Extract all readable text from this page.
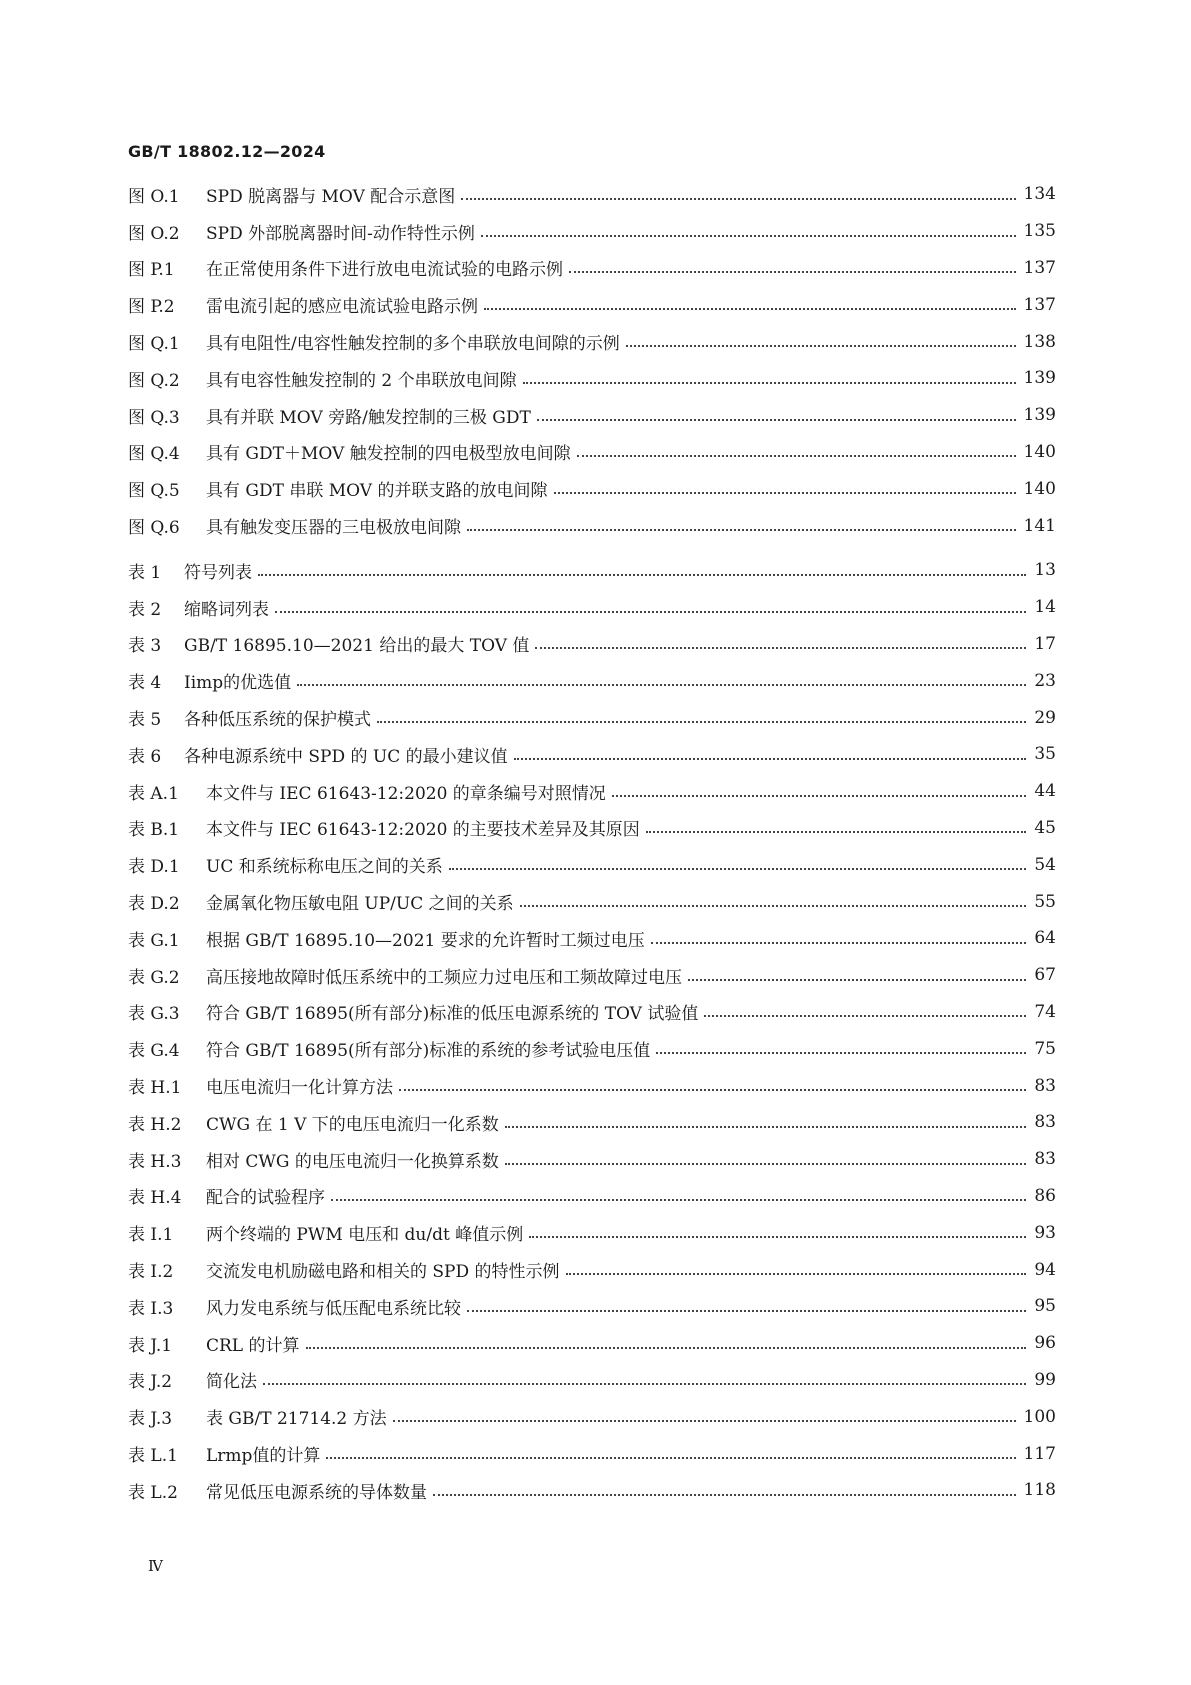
GB/T 18802.12—2024
图 O.1	SPD 脱离器与 MOV 配合示意图	134
图 O.2	SPD 外部脱离器时间-动作特性示例	135
图 P.1	在正常使用条件下进行放电电流试验的电路示例	137
图 P.2	雷电流引起的感应电流试验电路示例	137
图 Q.1	具有电阻性/电容性触发控制的多个串联放电间隙的示例	138
图 Q.2	具有电容性触发控制的 2 个串联放电间隙	139
图 Q.3	具有并联 MOV 旁路/触发控制的三极 GDT	139
图 Q.4	具有 GDT＋MOV 触发控制的四电极型放电间隙	140
图 Q.5	具有 GDT 串联 MOV 的并联支路的放电间隙	140
图 Q.6	具有触发变压器的三电极放电间隙	141
表 1	符号列表	13
表 2	缩略词列表	14
表 3	GB/T 16895.10—2021 给出的最大 TOV 值	17
表 4	Iimp的优选值	23
表 5	各种低压系统的保护模式	29
表 6	各种电源系统中 SPD 的 UC 的最小建议值	35
表 A.1	本文件与 IEC 61643-12:2020 的章条编号对照情况	44
表 B.1	本文件与 IEC 61643-12:2020 的主要技术差异及其原因	45
表 D.1	UC 和系统标称电压之间的关系	54
表 D.2	金属氧化物压敏电阻 UP/UC 之间的关系	55
表 G.1	根据 GB/T 16895.10—2021 要求的允许暂时工频过电压	64
表 G.2	高压接地故障时低压系统中的工频应力过电压和工频故障过电压	67
表 G.3	符合 GB/T 16895(所有部分)标准的低压电源系统的 TOV 试验值	74
表 G.4	符合 GB/T 16895(所有部分)标准的系统的参考试验电压值	75
表 H.1	电压电流归一化计算方法	83
表 H.2	CWG 在 1 V 下的电压电流归一化系数	83
表 H.3	相对 CWG 的电压电流归一化换算系数	83
表 H.4	配合的试验程序	86
表 I.1	两个终端的 PWM 电压和 du/dt 峰值示例	93
表 I.2	交流发电机励磁电路和相关的 SPD 的特性示例	94
表 I.3	风力发电系统与低压配电系统比较	95
表 J.1	CRL 的计算	96
表 J.2	简化法	99
表 J.3	表 GB/T 21714.2 方法	100
表 L.1	Lrmp值的计算	117
表 L.2	常见低压电源系统的导体数量	118
Ⅳ
